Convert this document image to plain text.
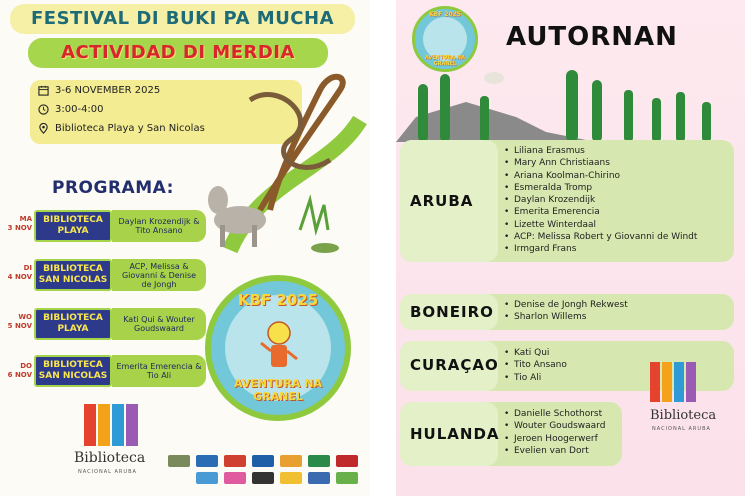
FESTIVAL DI BUKI PA MUCHA
ACTIVIDAD DI MERDIA
3-6 NOVEMBER 2025
3:00-4:00
Biblioteca Playa y San Nicolas
PROGRAMA:
MA
3 NOV
BIBLIOTECA
PLAYA
Daylan Krozendijk & Tito Ansano
DI
4 NOV
BIBLIOTECA
SAN NICOLAS
ACP, Melissa & Giovanni & Denise de Jongh
WO
5 NOV
BIBLIOTECA
PLAYA
Kati Qui & Wouter Goudswaard
DO
6 NOV
BIBLIOTECA
SAN NICOLAS
Emerita Emerencia & Tio Ali
KBF 2025
AVENTURA NA GRANEL
Biblioteca
NACIONAL ARUBA
KBF 2025
AVENTURA NA GRANEL
AUTORNAN
ARUBA
• Liliana Erasmus
• Mary Ann Christiaans
• Ariana Koolman-Chirino
• Esmeralda Tromp
• Daylan Krozendijk
• Emerita Emerencia
• Lizette Winterdaal
• ACP: Melissa Robert y Giovanni de Windt
• Irmgard Frans
BONEIRO
•	Denise de Jongh Rekwest
• Sharlon Willems
CURAÇAO
• Kati Qui
• Tito Ansano
• Tio Ali
HULANDA
• Danielle Schothorst
• Wouter Goudswaard
• Jeroen Hoogerwerf
• Evelien van Dort
Biblioteca
NACIONAL ARUBA
